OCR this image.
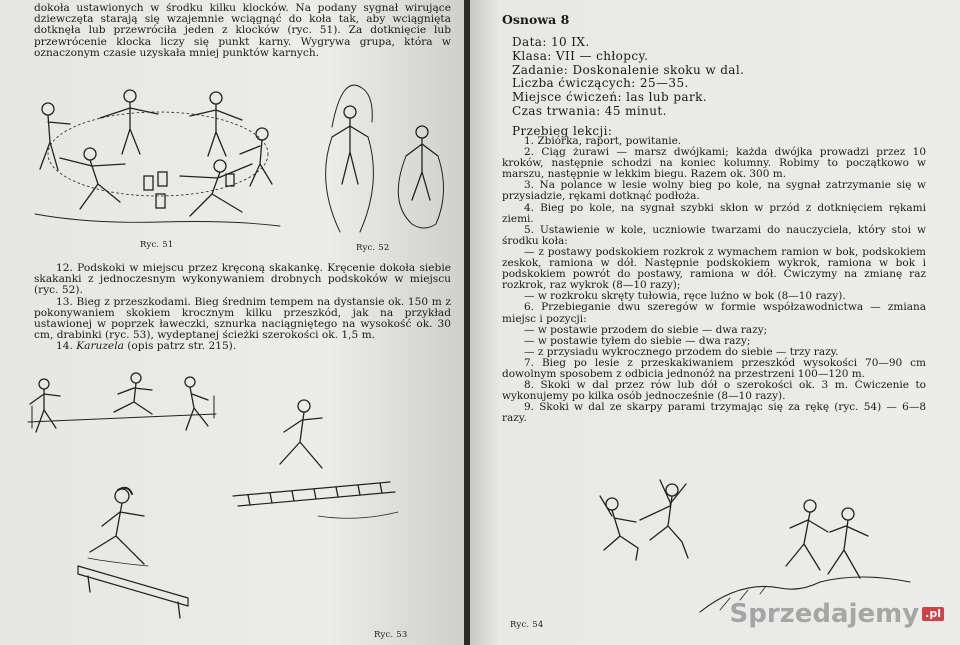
dokoła ustawionych w środku kilku klocków. Na podany sygnał wirujące dziewczęta starają się wzajemnie wciągnąć do koła tak, aby wciągnięta dotknęła lub przewróciła jeden z klocków (ryc. 51). Za dotknięcie lub przewrócenie klocka liczy się punkt karny. Wygrywa grupa, która w oznaczonym czasie uzyskała mniej punktów karnych.

Ryc. 51	Ryc. 52

12. Podskoki w miejscu przez kręconą skakankę. Kręcenie dokoła siebie skakanki z jednoczesnym wykonywaniem drobnych podskoków w miejscu (ryc. 52).

13. Bieg z przeszkodami. Bieg średnim tempem na dystansie ok. 150 m z pokonywaniem skokiem krocznym kilku przeszkód, jak na przykład ustawionej w poprzek ławeczki, sznurka naciągniętego na wysokość ok. 30 cm, drabinki (ryc. 53), wydeptanej ścieżki szerokości ok. 1,5 m.

14. Karuzela (opis patrz str. 215).

Ryc. 53
Osnowa 8
Data: 10 IX.
Klasa: VII — chłopcy.
Zadanie: Doskonalenie skoku w dal.
Liczba ćwiczących: 25—35.
Miejsce ćwiczeń: las lub park.
Czas trwania: 45 minut.
Przebieg lekcji:

1. Zbiórka, raport, powitanie.

2. Ciąg żurawi — marsz dwójkami; każda dwójka prowadzi przez 10 kroków, następnie schodzi na koniec kolumny. Robimy to początkowo w marszu, następnie w lekkim biegu. Razem ok. 300 m.

3. Na polance w lesie wolny bieg po kole, na sygnał zatrzymanie się w przysiadzie, rękami dotknąć podłoża.

4. Bieg po kole, na sygnał szybki skłon w przód z dotknięciem rękami ziemi.

5. Ustawienie w kole, uczniowie twarzami do nauczyciela, który stoi w środku koła:

— z postawy podskokiem rozkrok z wymachem ramion w bok, podskokiem zeskok, ramiona w dół. Następnie podskokiem wykrok, ramiona w bok i podskokiem powrót do postawy, ramiona w dół. Ćwiczymy na zmianę raz rozkrok, raz wykrok (8—10 razy);

— w rozkroku skręty tułowia, ręce luźno w bok (8—10 razy).

6. Przebieganie dwu szeregów w formie współzawodnictwa — zmiana miejsc i pozycji:

— w postawie przodem do siebie — dwa razy;

— w postawie tyłem do siebie — dwa razy;

— z przysiadu wykrocznego przodem do siebie — trzy razy.

7. Bieg po lesie z przeskakiwaniem przeszkód wysokości 70—90 cm dowolnym sposobem z odbicia jednonóż na przestrzeni 100—120 m.

8. Skoki w dal przez rów lub dół o szerokości ok. 3 m. Ćwiczenie to wykonujemy po kilka osób jednocześnie (8—10 razy).

9. Skoki w dal ze skarpy parami trzymając się za rękę (ryc. 54) — 6—8 razy.

Ryc. 54	Sprzedajemy .pl
